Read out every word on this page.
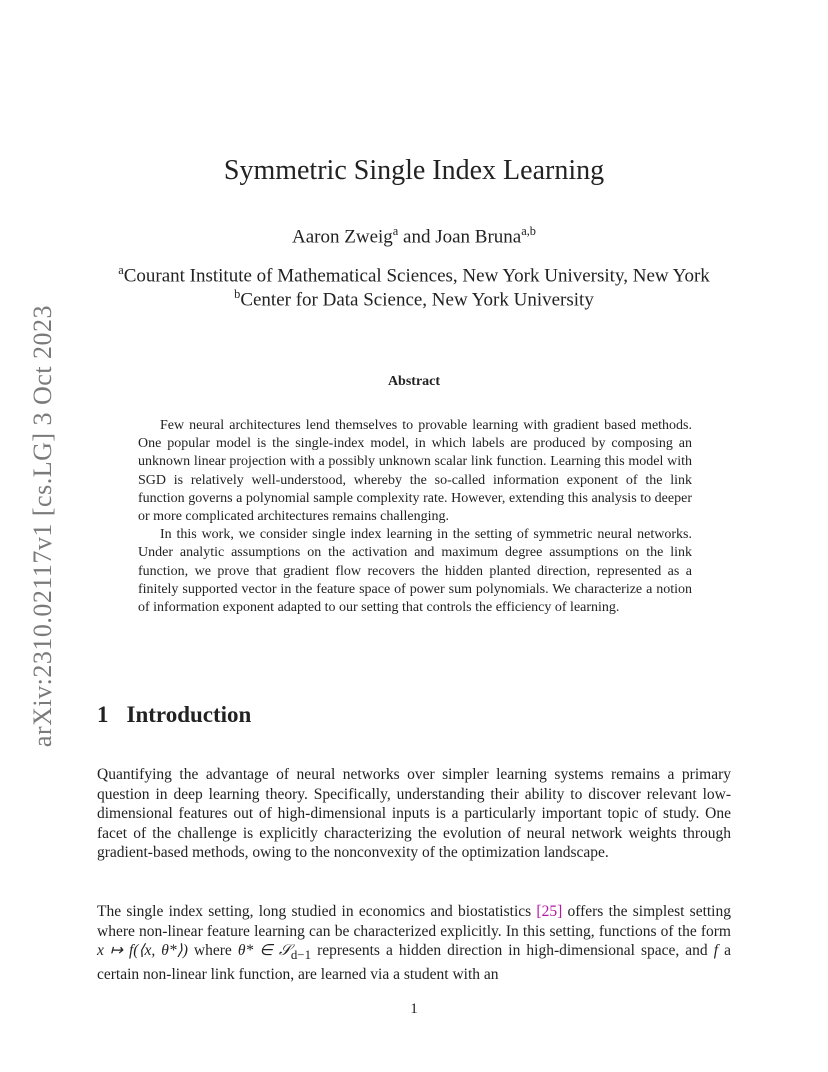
arXiv:2310.02117v1 [cs.LG] 3 Oct 2023
Symmetric Single Index Learning
Aaron Zweig$^a$ and Joan Bruna$^{a,b}$
$^a$Courant Institute of Mathematical Sciences, New York University, New York
$^b$Center for Data Science, New York University
Abstract

Few neural architectures lend themselves to provable learning with gradient based methods. One popular model is the single-index model, in which labels are produced by composing an unknown linear projection with a possibly unknown scalar link function. Learning this model with SGD is relatively well-understood, whereby the so-called information exponent of the link function governs a polynomial sample complexity rate. However, extending this analysis to deeper or more complicated architectures remains challenging.

In this work, we consider single index learning in the setting of symmetric neural networks. Under analytic assumptions on the activation and maximum degree assumptions on the link function, we prove that gradient flow recovers the hidden planted direction, represented as a finitely supported vector in the feature space of power sum polynomials. We characterize a notion of information exponent adapted to our setting that controls the efficiency of learning.

1 Introduction

Quantifying the advantage of neural networks over simpler learning systems remains a primary question in deep learning theory. Specifically, understanding their ability to discover relevant low-dimensional features out of high-dimensional inputs is a particularly important topic of study. One facet of the challenge is explicitly characterizing the evolution of neural network weights through gradient-based methods, owing to the nonconvexity of the optimization landscape.

The single index setting, long studied in economics and biostatistics [25] offers the simplest setting where non-linear feature learning can be characterized explicitly. In this setting, functions of the form x ↦ f(⟨x, θ*⟩) where θ* ∈ 𝒮$_{d-1}$ represents a hidden direction in high-dimensional space, and f a certain non-linear link function, are learned via a student with an

1
